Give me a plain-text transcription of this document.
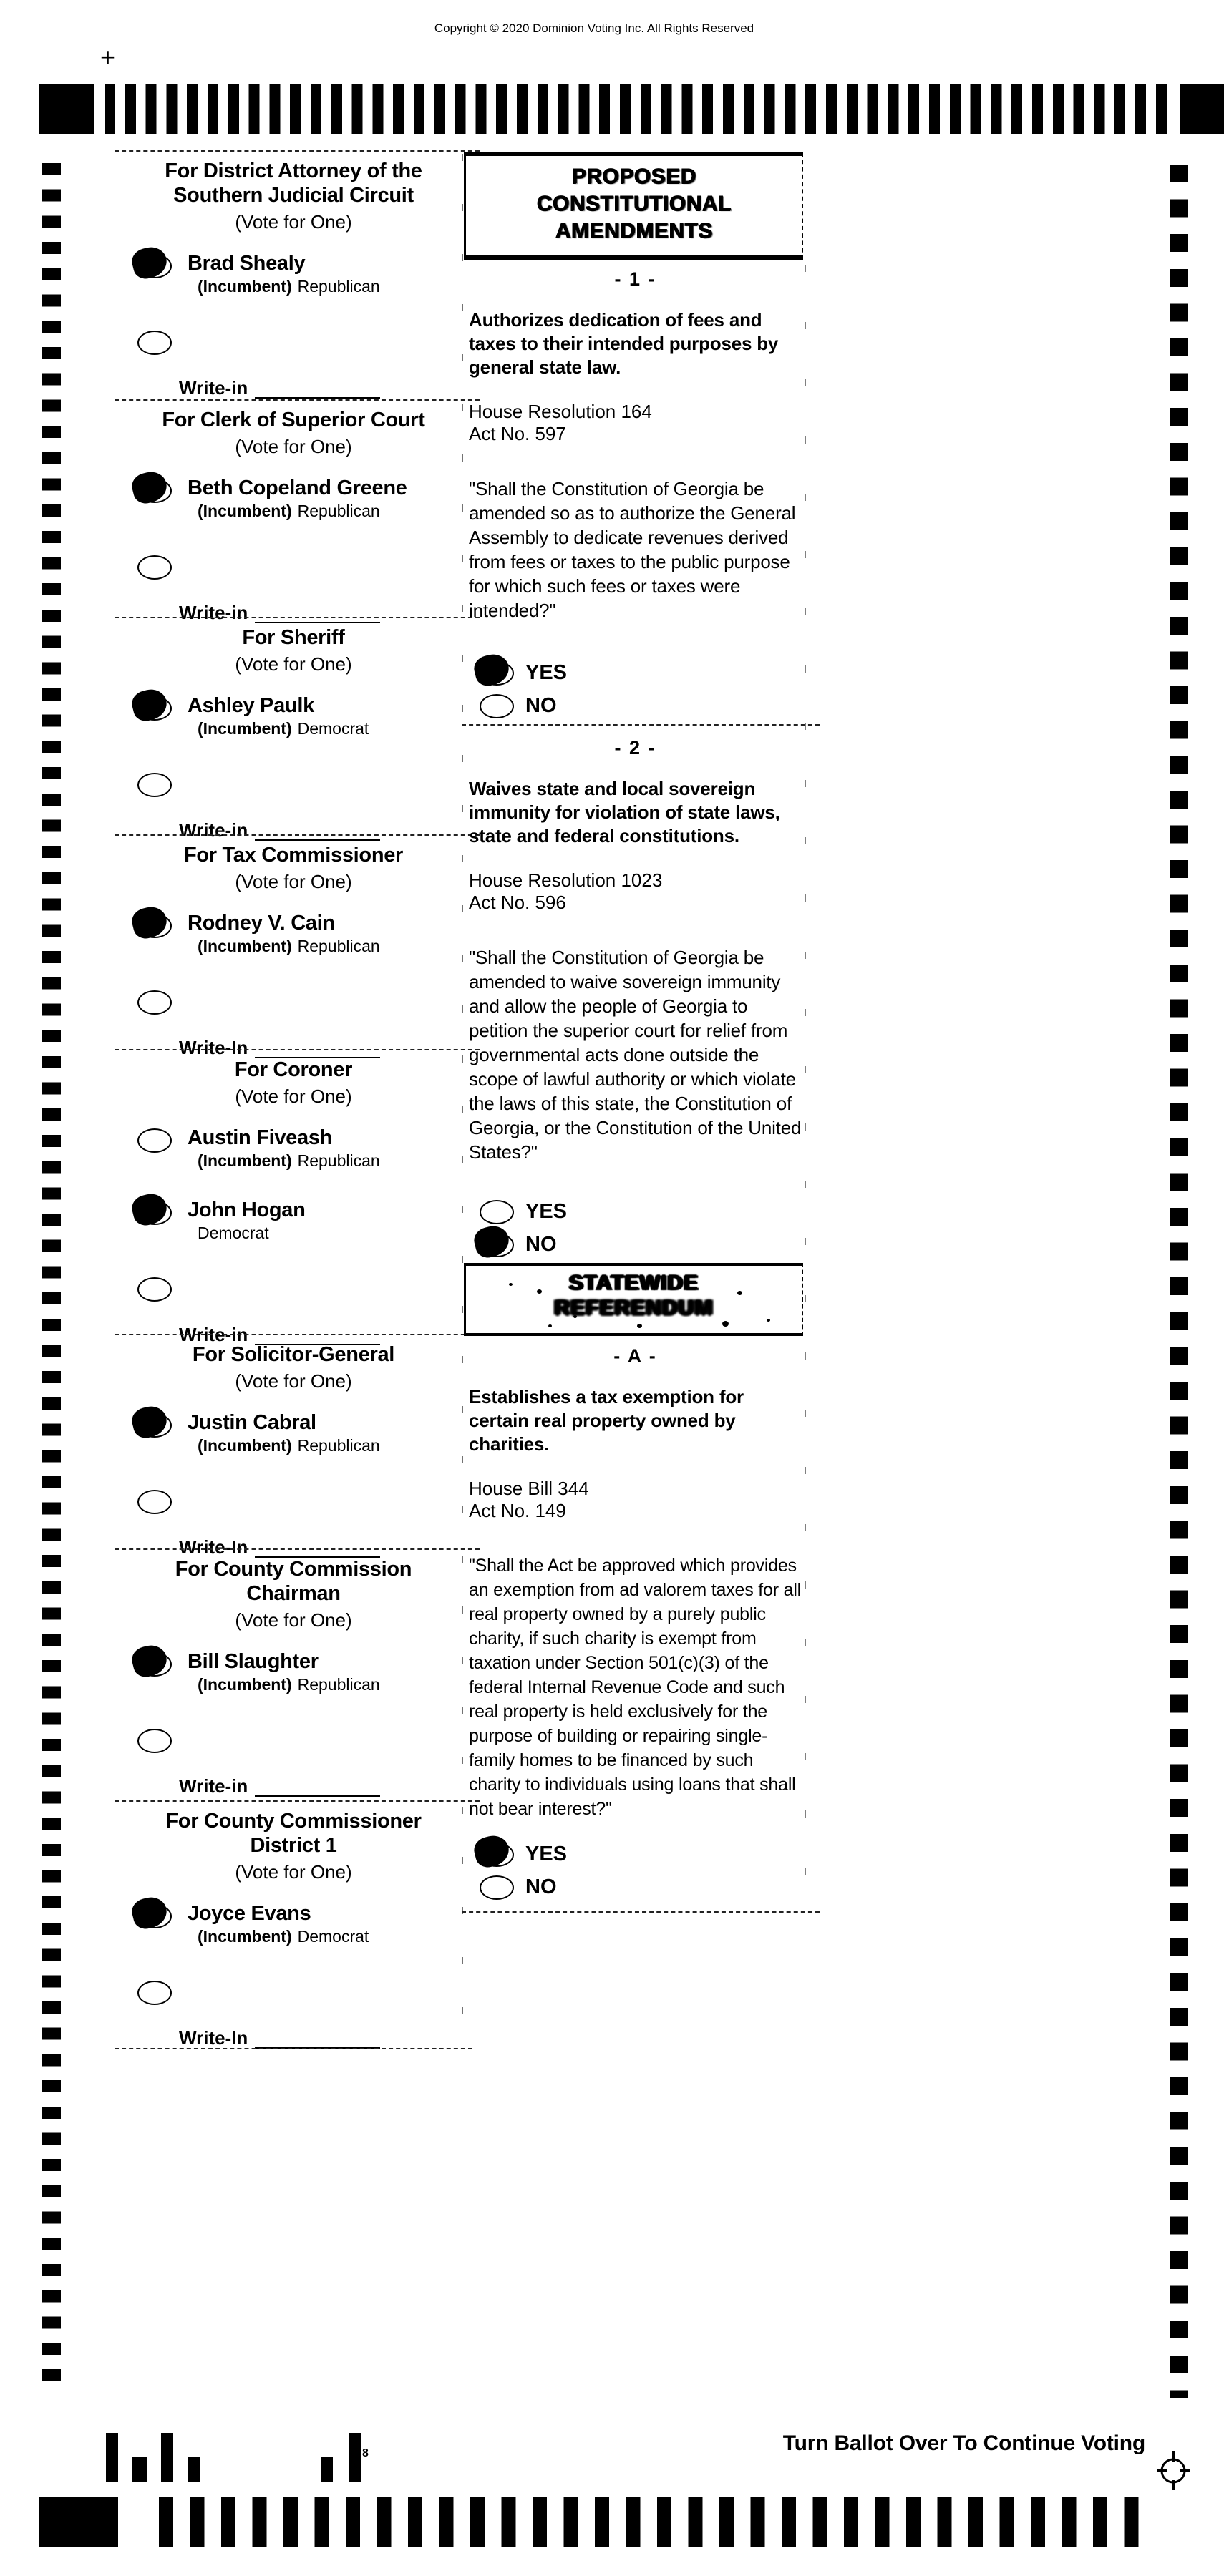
Copyright © 2020 Dominion Voting Inc. All Rights Reserved
+
For District Attorney of the
Southern Judicial Circuit
(Vote for One)
Brad Shealy
(Incumbent) Republican
Write-in
For Clerk of Superior Court
(Vote for One)
Beth Copeland Greene
(Incumbent) Republican
Write-in
For Sheriff
(Vote for One)
Ashley Paulk
(Incumbent) Democrat
Write-in
For Tax Commissioner
(Vote for One)
Rodney V. Cain
(Incumbent) Republican
Write-In
For Coroner
(Vote for One)
Austin Fiveash
(Incumbent) Republican
John Hogan
Democrat
Write-in
For Solicitor-General
(Vote for One)
Justin Cabral
(Incumbent) Republican
Write-In
For County Commission
Chairman
(Vote for One)
Bill Slaughter
(Incumbent) Republican
Write-in
For County Commissioner
District 1
(Vote for One)
Joyce Evans
(Incumbent) Democrat
Write-In
PROPOSED
CONSTITUTIONAL
AMENDMENTS
- 1 -
Authorizes dedication of fees and taxes to their intended purposes by general state law.
House Resolution 164
Act No. 597
"Shall the Constitution of Georgia be amended so as to authorize the General Assembly to dedicate revenues derived from fees or taxes to the public purpose for which such fees or taxes were intended?"
YES
NO
- 2 -
Waives state and local sovereign immunity for violation of state laws, state and federal constitutions.
House Resolution 1023
Act No. 596
"Shall the Constitution of Georgia be amended to waive sovereign immunity and allow the people of Georgia to petition the superior court for relief from governmental acts done outside the scope of lawful authority or which violate the laws of this state, the Constitution of Georgia, or the Constitution of the United States?"
YES
NO
STATEWIDE
REFERENDUM
- A -
Establishes a tax exemption for certain real property owned by charities.
House Bill 344
Act No. 149
"Shall the Act be approved which provides an exemption from ad valorem taxes for all real property owned by a purely public charity, if such charity is exempt from taxation under Section 501(c)(3) of the federal Internal Revenue Code and such real property is held exclusively for the purpose of building or repairing single-family homes to be financed by such charity to individuals using loans that shall not bear interest?"
YES
NO
Turn Ballot Over To Continue Voting
8
